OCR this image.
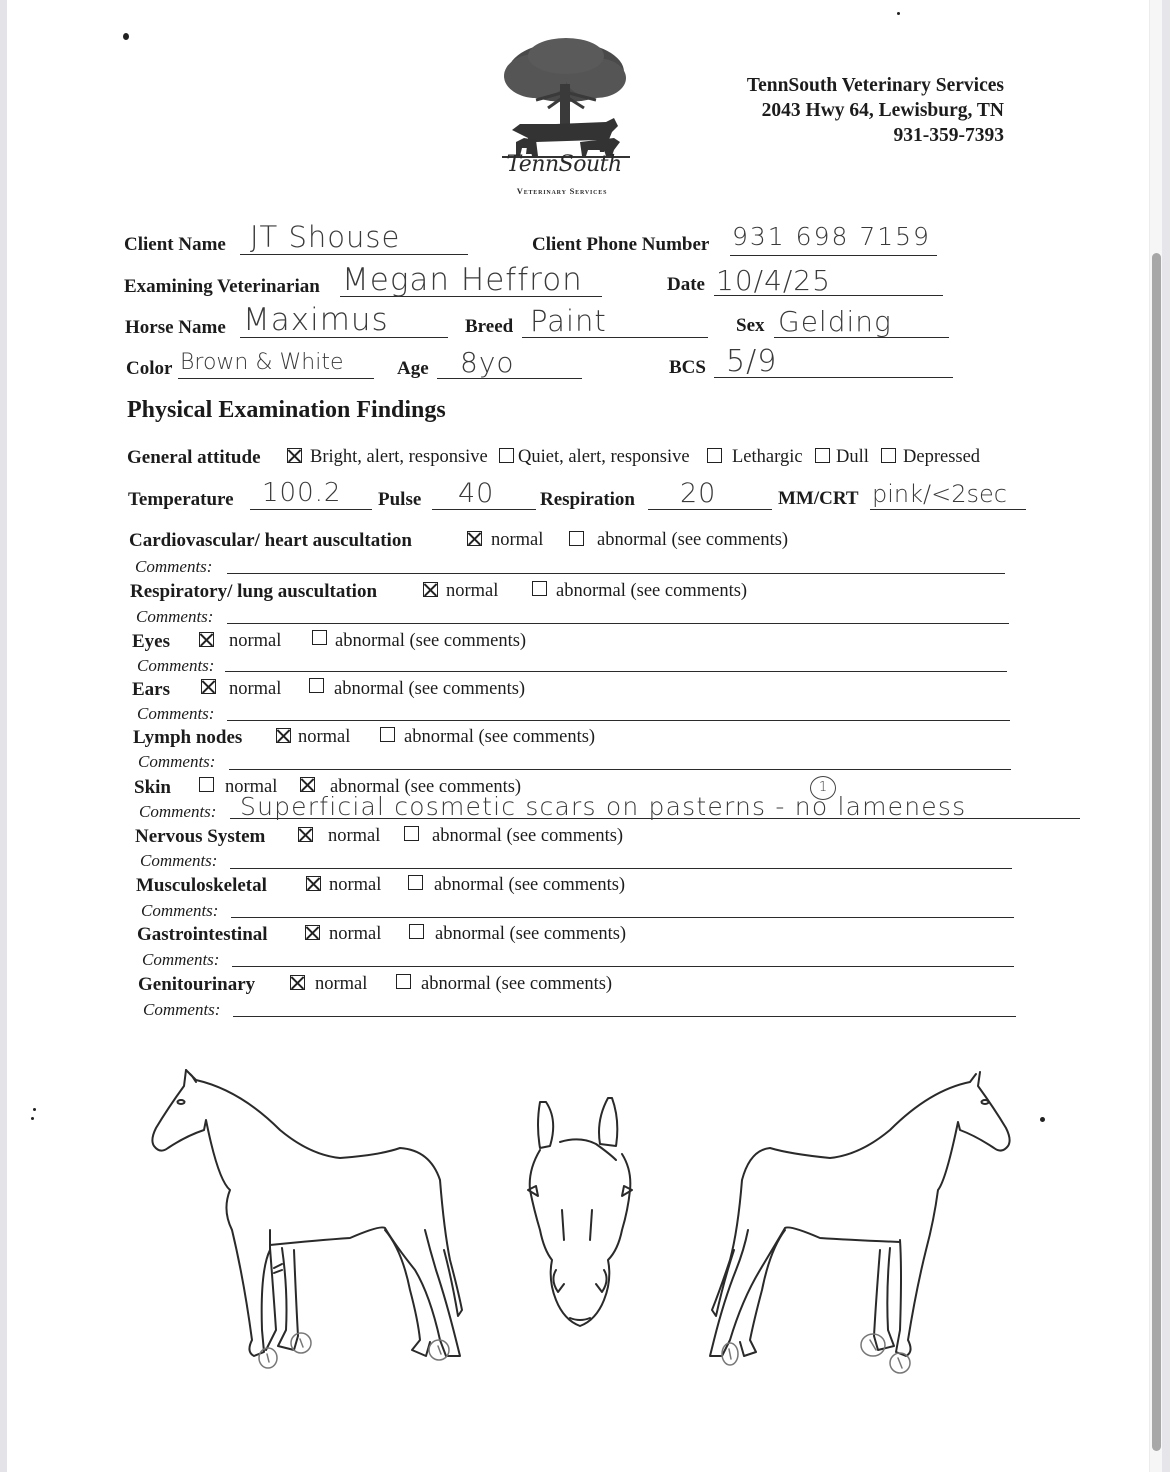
TennSouth
Veterinary Services
TennSouth Veterinary Services
2043 Hwy 64, Lewisburg, TN
931-359-7393
Client Name JT Shouse	Client Phone Number 931 698 7159
Examining Veterinarian Megan Heffron	Date 10/4/25
Horse Name Maximus	Breed Paint	Sex Gelding
Color Brown & White	Age 8yo	BCS 5/9
Physical Examination Findings
General attitude	Bright, alert, responsive Quiet, alert, responsive Lethargic Dull Depressed
Temperature 100.2 Pulse 40 Respiration 20	MM/CRT pink/<2sec
Cardiovascular/ heart auscultation	normal	abnormal (see comments)
Comments:
Respiratory/ lung auscultation	normal	abnormal (see comments)
Comments:
Eyes	normal	abnormal (see comments)
Comments:
Ears	normal	abnormal (see comments)
Comments:
Lymph nodes	normal	abnormal (see comments)
Comments:
Skin	normal	abnormal (see comments)
Comments: Superficial cosmetic scars on pasterns - no lameness
1
Nervous System	normal	abnormal (see comments)
Comments:
Musculoskeletal	normal	abnormal (see comments)
Comments:
Gastrointestinal	normal	abnormal (see comments)
Comments:
Genitourinary	normal	abnormal (see comments)
Comments:
